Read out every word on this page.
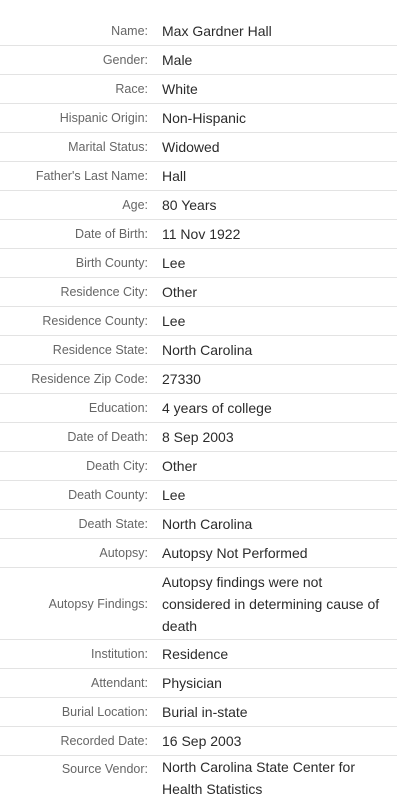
Name:	Max Gardner Hall
Gender:	Male
Race:	White
Hispanic Origin:	Non-Hispanic
Marital Status:	Widowed
Father's Last Name:	Hall
Age:	80 Years
Date of Birth:	11 Nov 1922
Birth County:	Lee
Residence City:	Other
Residence County:	Lee
Residence State:	North Carolina
Residence Zip Code:	27330
Education:	4 years of college
Date of Death:	8 Sep 2003
Death City:	Other
Death County:	Lee
Death State:	North Carolina
Autopsy:	Autopsy Not Performed
Autopsy Findings:
Autopsy findings were not considered in determining cause of death
Institution:	Residence
Attendant:	Physician
Burial Location:	Burial in-state
Recorded Date:	16 Sep 2003
Source Vendor:	North Carolina State Center for Health Statistics
